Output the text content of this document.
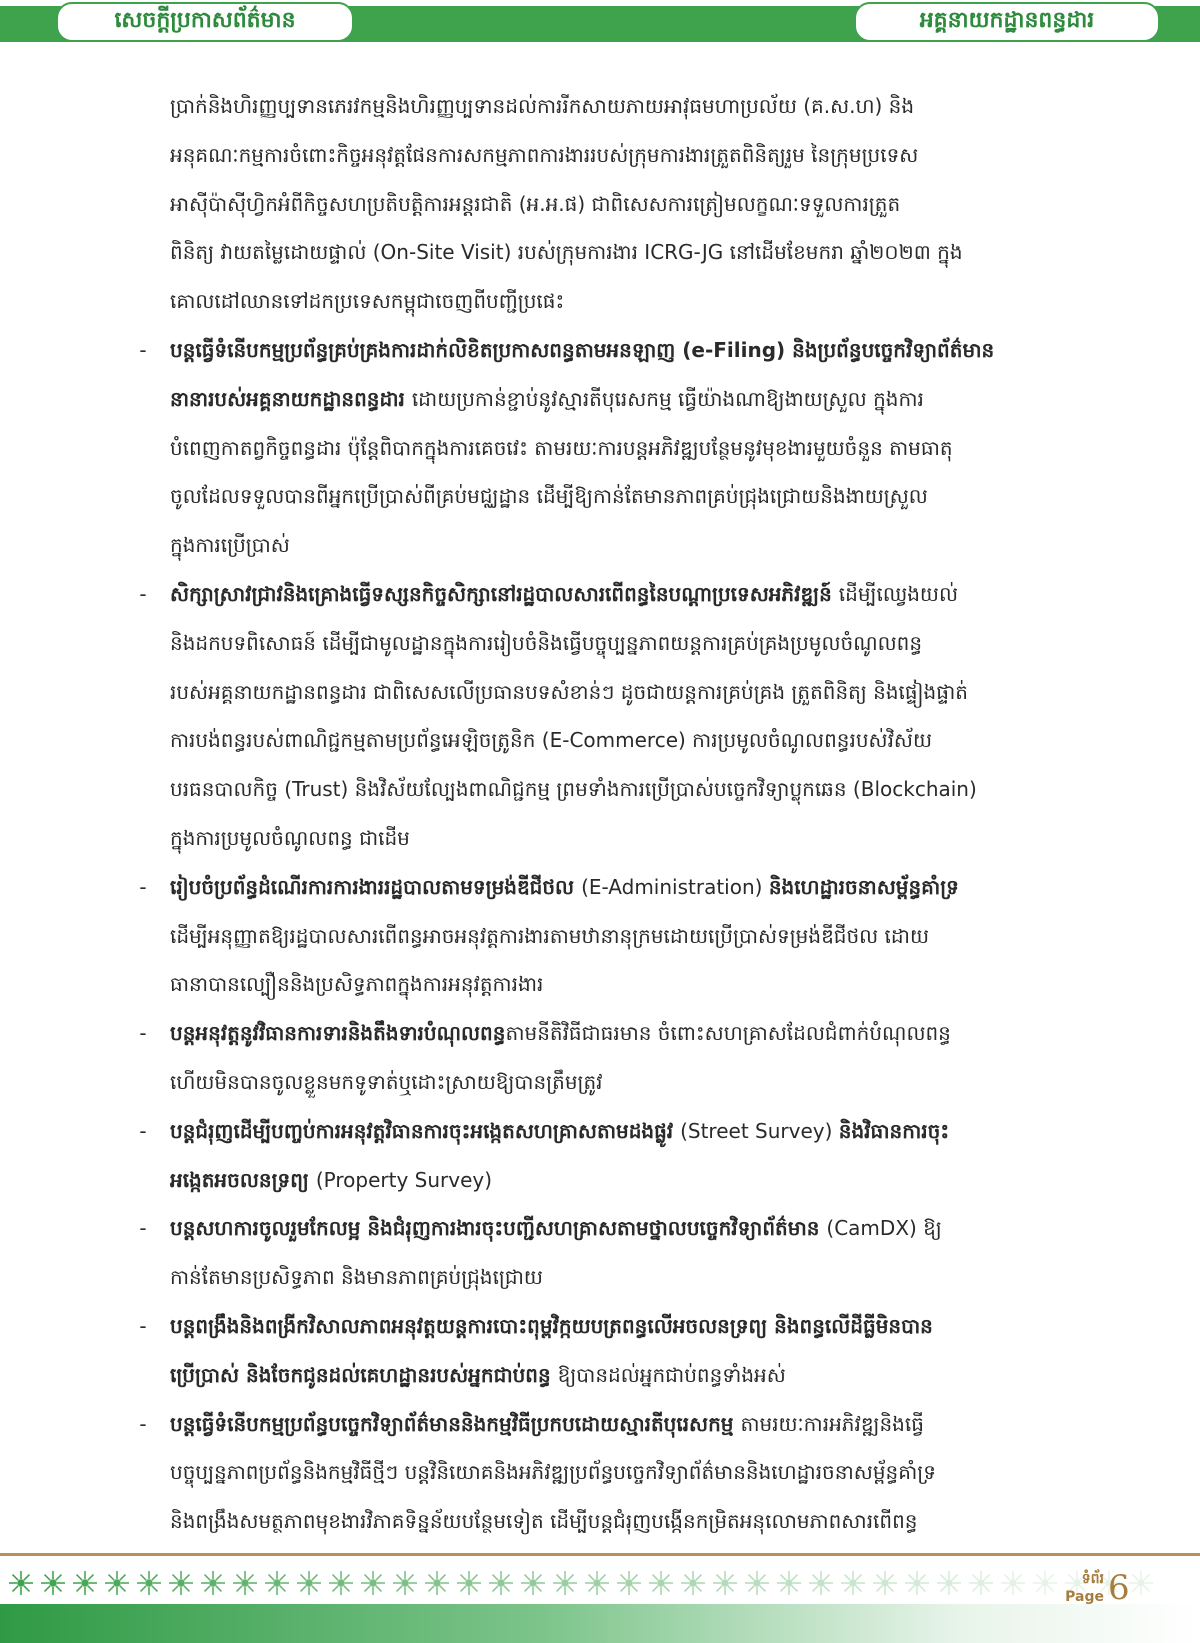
សេចក្តីប្រកាសព័ត៌មាន	អគ្គនាយកដ្ឋានពន្ធដារ
ប្រាក់និងហិរញ្ញប្បទានភេរវកម្មនិងហិរញ្ញប្បទានដល់ការរីកសាយភាយអាវុធមហាប្រល័យ (គ.ស.ហ) និង
អនុគណៈកម្មការចំពោះកិច្ចអនុវត្តផែនការសកម្មភាពការងាររបស់ក្រុមការងារត្រួតពិនិត្យរួម នៃក្រុមប្រទេស
អាស៊ីប៉ាស៊ីហ្វិកអំពីកិច្ចសហប្រតិបត្តិការអន្តរជាតិ (អ.អ.ផ) ជាពិសេសការត្រៀមលក្ខណៈទទួលការត្រួត
ពិនិត្យ វាយតម្លៃដោយផ្ទាល់ (On-Site Visit) របស់ក្រុមការងារ ICRG-JG នៅដើមខែមករា ឆ្នាំ២០២៣ ក្នុង
គោលដៅឈានទៅដកប្រទេសកម្ពុជាចេញពីបញ្ជីប្រផេះ
- បន្តធ្វើទំនើបកម្មប្រព័ន្ធគ្រប់គ្រងការដាក់លិខិតប្រកាសពន្ធតាមអនឡាញ (e-Filing) និងប្រព័ន្ធបច្ចេកវិទ្យាព័ត៌មាន
នានារបស់អគ្គនាយកដ្ឋានពន្ធដារ ដោយប្រកាន់ខ្ជាប់នូវស្មារតីបុរេសកម្ម ធ្វើយ៉ាងណាឱ្យងាយស្រួល ក្នុងការ
បំពេញកាតព្វកិច្ចពន្ធដារ ប៉ុន្តែពិបាកក្នុងការគេចវេះ តាមរយៈការបន្តអភិវឌ្ឍបន្ថែមនូវមុខងារមួយចំនួន តាមធាតុ
ចូលដែលទទួលបានពីអ្នកប្រើប្រាស់ពីគ្រប់មជ្ឈដ្ឋាន ដើម្បីឱ្យកាន់តែមានភាពគ្រប់ជ្រុងជ្រោយនិងងាយស្រួល
ក្នុងការប្រើប្រាស់
- សិក្សាស្រាវជ្រាវនិងគ្រោងធ្វើទស្សនកិច្ចសិក្សានៅរដ្ឋបាលសារពើពន្ធនៃបណ្តាប្រទេសអភិវឌ្ឍន៍ ដើម្បីឈ្វេងយល់
និងដកបទពិសោធន៍ ដើម្បីជាមូលដ្ឋានក្នុងការរៀបចំនិងធ្វើបច្ចុប្បន្នភាពយន្តការគ្រប់គ្រងប្រមូលចំណូលពន្ធ
របស់អគ្គនាយកដ្ឋានពន្ធដារ ជាពិសេសលើប្រធានបទសំខាន់ៗ ដូចជាយន្តការគ្រប់គ្រង ត្រួតពិនិត្យ និងផ្ទៀងផ្ទាត់
ការបង់ពន្ធរបស់ពាណិជ្ជកម្មតាមប្រព័ន្ធអេឡិចត្រូនិក (E-Commerce) ការប្រមូលចំណូលពន្ធរបស់វិស័យ
បរធនបាលកិច្ច (Trust) និងវិស័យល្បែងពាណិជ្ជកម្ម ព្រមទាំងការប្រើប្រាស់បច្ចេកវិទ្យាប្លុកឆេន (Blockchain)
ក្នុងការប្រមូលចំណូលពន្ធ ជាដើម
- រៀបចំប្រព័ន្ធដំណើរការការងាររដ្ឋបាលតាមទម្រង់ឌីជីថល (E-Administration) និងហេដ្ឋារចនាសម្ព័ន្ធគាំទ្រ
ដើម្បីអនុញ្ញាតឱ្យរដ្ឋបាលសារពើពន្ធអាចអនុវត្តការងារតាមឋានានុក្រមដោយប្រើប្រាស់ទម្រង់ឌីជីថល ដោយ
ធានាបានល្បឿននិងប្រសិទ្ធភាពក្នុងការអនុវត្តការងារ
- បន្តអនុវត្តនូវវិធានការទារនិងតឹងទារបំណុលពន្ធតាមនីតិវិធីជាធរមាន ចំពោះសហគ្រាសដែលជំពាក់បំណុលពន្ធ
ហើយមិនបានចូលខ្លួនមកទូទាត់ឬដោះស្រាយឱ្យបានត្រឹមត្រូវ
- បន្តជំរុញដើម្បីបញ្ចប់ការអនុវត្តវិធានការចុះអង្កេតសហគ្រាសតាមដងផ្លូវ (Street Survey) និងវិធានការចុះ
អង្កេតអចលនទ្រព្យ (Property Survey)
- បន្តសហការចូលរួមកែលម្អ និងជំរុញការងារចុះបញ្ជីសហគ្រាសតាមថ្នាលបច្ចេកវិទ្យាព័ត៌មាន (CamDX) ឱ្យ
កាន់តែមានប្រសិទ្ធភាព និងមានភាពគ្រប់ជ្រុងជ្រោយ
- បន្តពង្រឹងនិងពង្រីកវិសាលភាពអនុវត្តយន្តការបោះពុម្ពវិក្កយបត្រពន្ធលើអចលនទ្រព្យ និងពន្ធលើដីធ្លីមិនបាន
ប្រើប្រាស់ និងចែកជូនដល់គេហដ្ឋានរបស់អ្នកជាប់ពន្ធ ឱ្យបានដល់អ្នកជាប់ពន្ធទាំងអស់
- បន្តធ្វើទំនើបកម្មប្រព័ន្ធបច្ចេកវិទ្យាព័ត៌មាននិងកម្មវិធីប្រកបដោយស្មារតីបុរេសកម្ម តាមរយៈការអភិវឌ្ឍនិងធ្វើ
បច្ចុប្បន្នភាពប្រព័ន្ធនិងកម្មវិធីថ្មីៗ បន្តវិនិយោគនិងអភិវឌ្ឍប្រព័ន្ធបច្ចេកវិទ្យាព័ត៌មាននិងហេដ្ឋារចនាសម្ព័ន្ធគាំទ្រ
និងពង្រឹងសមត្ថភាពមុខងារវិភាគទិន្នន័យបន្ថែមទៀត ដើម្បីបន្តជំរុញបង្កើនកម្រិតអនុលោមភាពសារពើពន្ធ
ទំព័រ
Page 6
